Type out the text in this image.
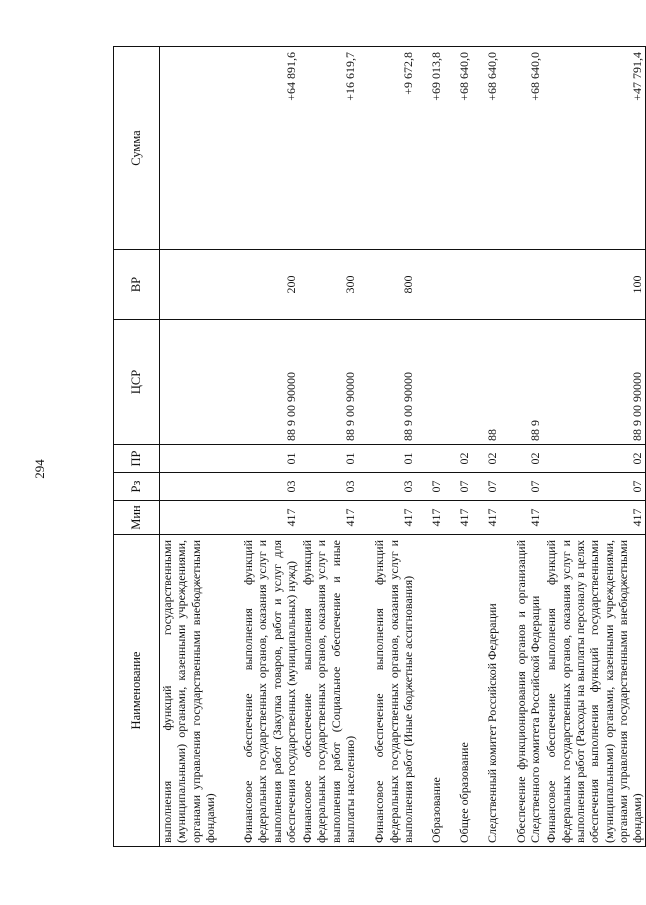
294
Наименование	Мин	Рз	ПР	ЦСР	ВР	Сумма
выполнения функций государственными (муниципальными) органами, казенными учреждениями, органами управления государственными внебюджетными фондами)						
Финансовое обеспечение выполнения функций федеральных государственных органов, оказания услуг и выполнения работ (Закупка товаров, работ и услуг для обеспечения государственных (муниципальных) нужд)	417	03	01	88 9 00 90000	200	+64 891,6
Финансовое обеспечение выполнения функций федеральных государственных органов, оказания услуг и выполнения работ (Социальное обеспечение и иные выплаты населению)	417	03	01	88 9 00 90000	300	+16 619,7
Финансовое обеспечение выполнения функций федеральных государственных органов, оказания услуг и выполнения работ (Иные бюджетные ассигнования)	417	03	01	88 9 00 90000	800	+9 672,8
Образование	417	07				+69 013,8
Общее образование	417	07	02			+68 640,0
Следственный комитет Российской Федерации	417	07	02	88		+68 640,0
Обеспечение функционирования органов и организаций Следственного комитета Российской Федерации	417	07	02	88 9		+68 640,0
Финансовое обеспечение выполнения функций федеральных государственных органов, оказания услуг и выполнения работ (Расходы на выплаты персоналу в целях обеспечения выполнения функций государственными (муниципальными) органами, казенными учреждениями, органами управления государственными внебюджетными фондами)	417	07	02	88 9 00 90000	100	+47 791,4
